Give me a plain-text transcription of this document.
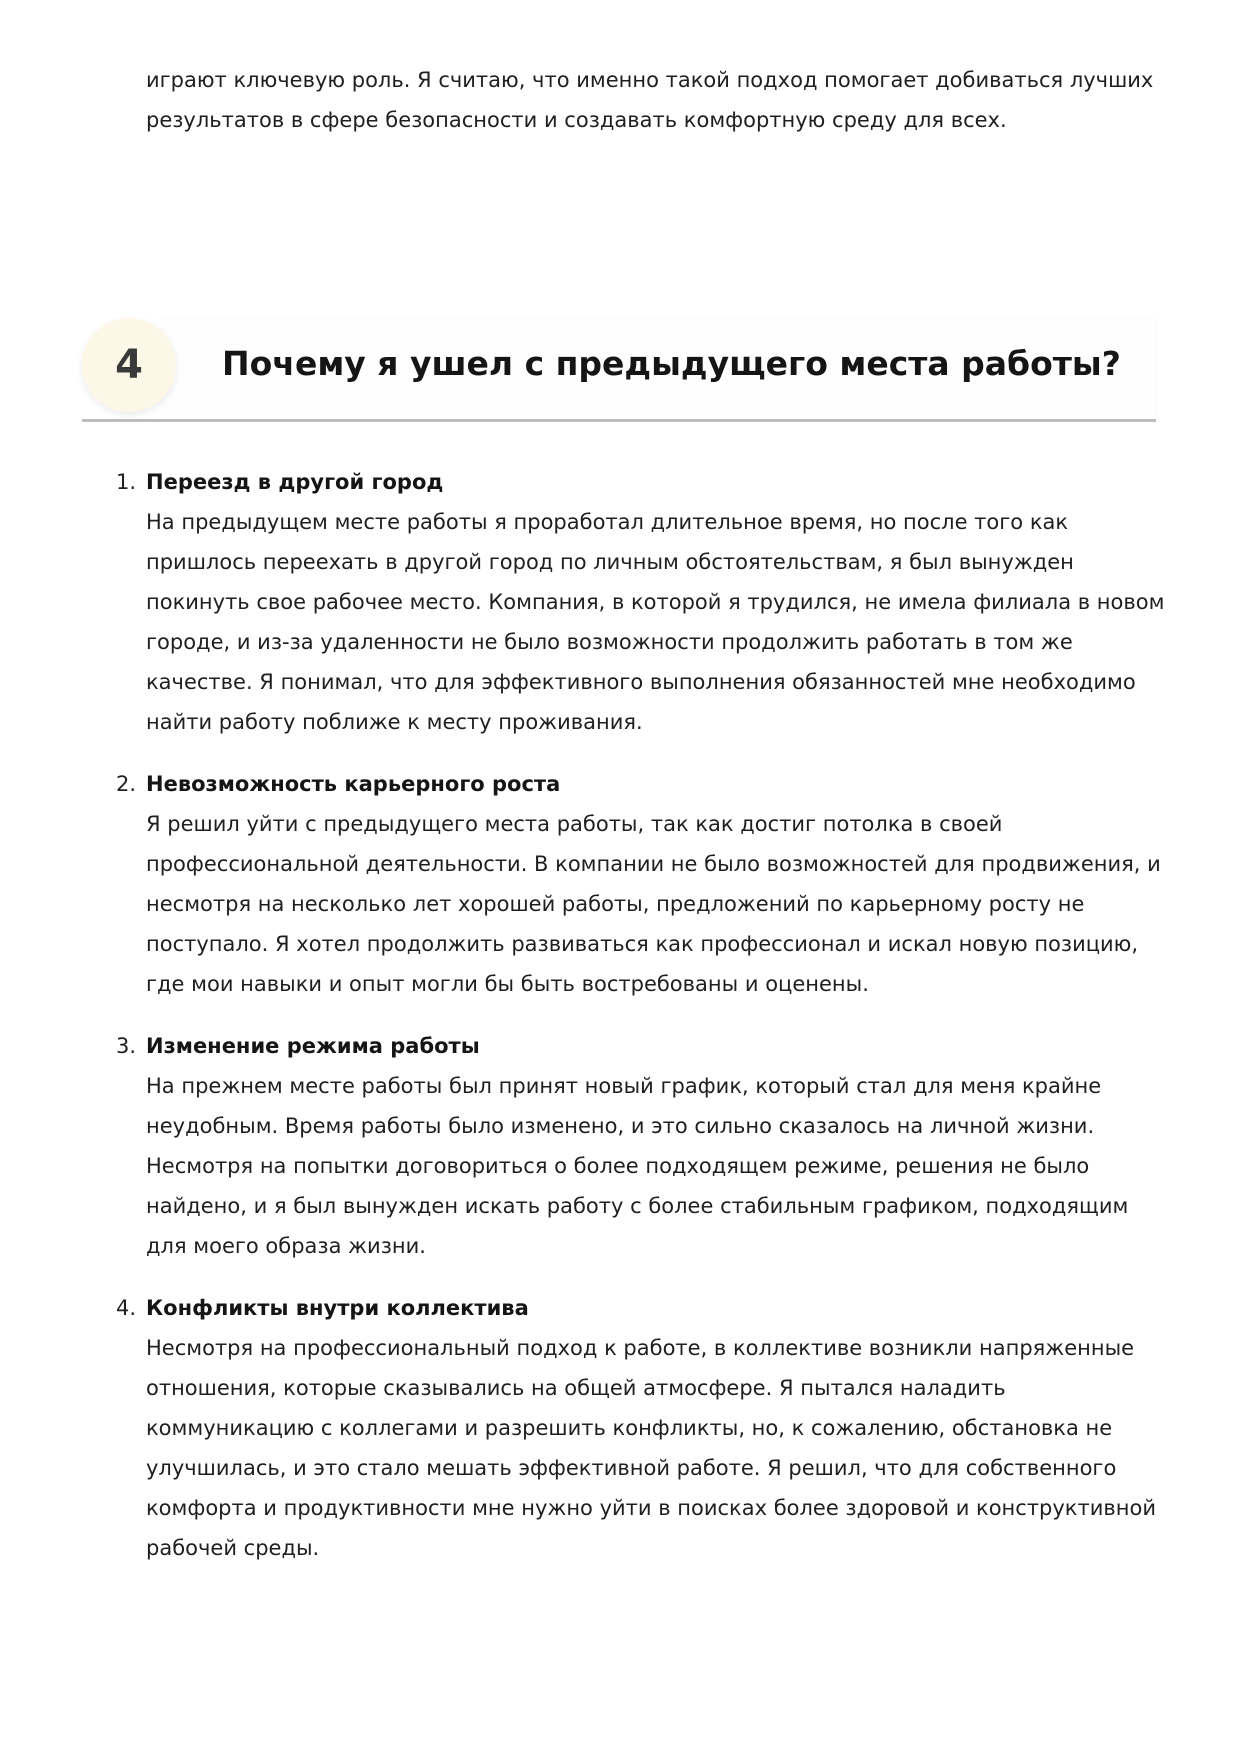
играют ключевую роль. Я считаю, что именно такой подход помогает добиваться лучших результатов в сфере безопасности и создавать комфортную среду для всех.

4	Почему я ушел с предыдущего места работы?
1. Переезд в другой город

На предыдущем месте работы я проработал длительное время, но после того как пришлось переехать в другой город по личным обстоятельствам, я был вынужден покинуть свое рабочее место. Компания, в которой я трудился, не имела филиала в новом городе, и из-за удаленности не было возможности продолжить работать в том же качестве. Я понимал, что для эффективного выполнения обязанностей мне необходимо найти работу поближе к месту проживания.

2. Невозможность карьерного роста

Я решил уйти с предыдущего места работы, так как достиг потолка в своей профессиональной деятельности. В компании не было возможностей для продвижения, и несмотря на несколько лет хорошей работы, предложений по карьерному росту не поступало. Я хотел продолжить развиваться как профессионал и искал новую позицию, где мои навыки и опыт могли бы быть востребованы и оценены.

3. Изменение режима работы

На прежнем месте работы был принят новый график, который стал для меня крайне неудобным. Время работы было изменено, и это сильно сказалось на личной жизни. Несмотря на попытки договориться о более подходящем режиме, решения не было найдено, и я был вынужден искать работу с более стабильным графиком, подходящим для моего образа жизни.

4. Конфликты внутри коллектива

Несмотря на профессиональный подход к работе, в коллективе возникли напряженные отношения, которые сказывались на общей атмосфере. Я пытался наладить коммуникацию с коллегами и разрешить конфликты, но, к сожалению, обстановка не улучшилась, и это стало мешать эффективной работе. Я решил, что для собственного комфорта и продуктивности мне нужно уйти в поисках более здоровой и конструктивной рабочей среды.
